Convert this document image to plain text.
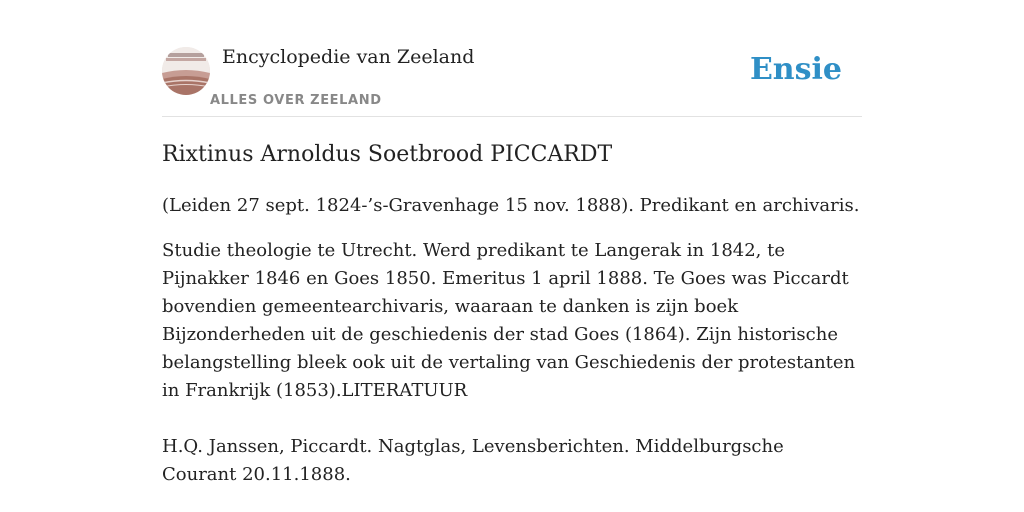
Encyclopedie van Zeeland
ALLES OVER ZEELAND
Ensie
Rixtinus Arnoldus Soetbrood PICCARDT

(Leiden 27 sept. 1824-’s-Gravenhage 15 nov. 1888). Predikant en archivaris.

Studie theologie te Utrecht. Werd predikant te Langerak in 1842, te Pijnakker 1846 en Goes 1850. Emeritus 1 april 1888. Te Goes was Piccardt bovendien gemeentearchivaris, waaraan te danken is zijn boek Bijzonderheden uit de geschiedenis der stad Goes (1864). Zijn historische belangstelling bleek ook uit de vertaling van Geschiedenis der protestanten in Frankrijk (1853).LITERATUUR

H.Q. Janssen, Piccardt. Nagtglas, Levensberichten. Middelburgsche Courant 20.11.1888.
